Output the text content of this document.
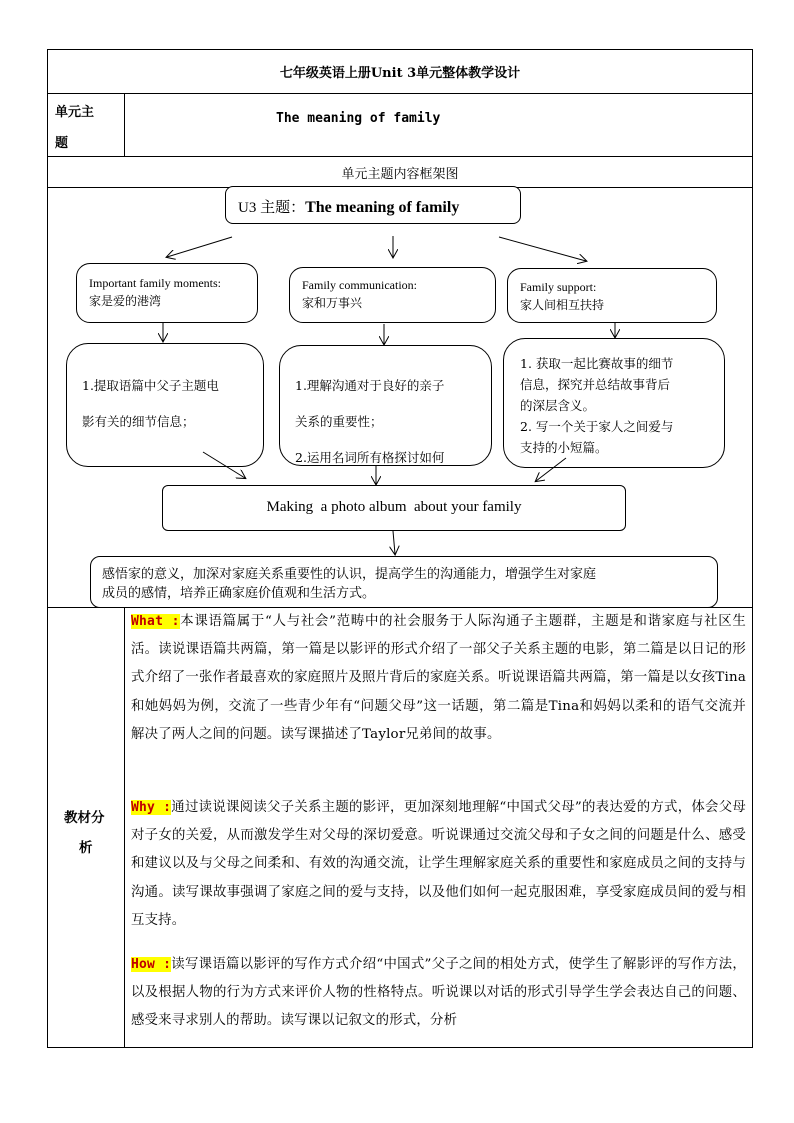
七年级英语上册Unit 3单元整体教学设计
单元主
题
The meaning of family
单元主题内容框架图
U3 主题：The meaning of family
Important family moments:
家是爱的港湾
Family communication:
家和万事兴
Family support:
家人间相互扶持
1.提取语篇中父子主题电
影有关的细节信息；
1.理解沟通对于良好的亲子
关系的重要性；
2.运用名词所有格探讨如何
1. 获取一起比赛故事的细节
信息，探究并总结故事背后
的深层含义。
2. 写一个关于家人之间爱与
支持的小短篇。
Making  a photo album  about your family
感悟家的意义，加深对家庭关系重要性的认识，提高学生的沟通能力，增强学生对家庭
成员的感情，培养正确家庭价值观和生活方式。
教材分
析
What :本课语篇属于“人与社会”范畴中的社会服务于人际沟通子主题群，主题是和谐家庭与社区生活。读说课语篇共两篇，第一篇是以影评的形式介绍了一部父子关系主题的电影，第二篇是以日记的形式介绍了一张作者最喜欢的家庭照片及照片背后的家庭关系。听说课语篇共两篇，第一篇是以女孩Tina和她妈妈为例，交流了一些青少年有“问题父母”这一话题，第二篇是Tina和妈妈以柔和的语气交流并解决了两人之间的问题。读写课描述了Taylor兄弟间的故事。
Why :通过读说课阅读父子关系主题的影评，更加深刻地理解“中国式父母”的表达爱的方式，体会父母对子女的关爱，从而激发学生对父母的深切爱意。听说课通过交流父母和子女之间的问题是什么、感受和建议以及与父母之间柔和、有效的沟通交流，让学生理解家庭关系的重要性和家庭成员之间的支持与沟通。读写课故事强调了家庭之间的爱与支持，以及他们如何一起克服困难，享受家庭成员间的爱与相互支持。
How :读写课语篇以影评的写作方式介绍“中国式”父子之间的相处方式，使学生了解影评的写作方法，以及根据人物的行为方式来评价人物的性格特点。听说课以对话的形式引导学生学会表达自己的问题、感受来寻求别人的帮助。读写课以记叙文的形式，分析
